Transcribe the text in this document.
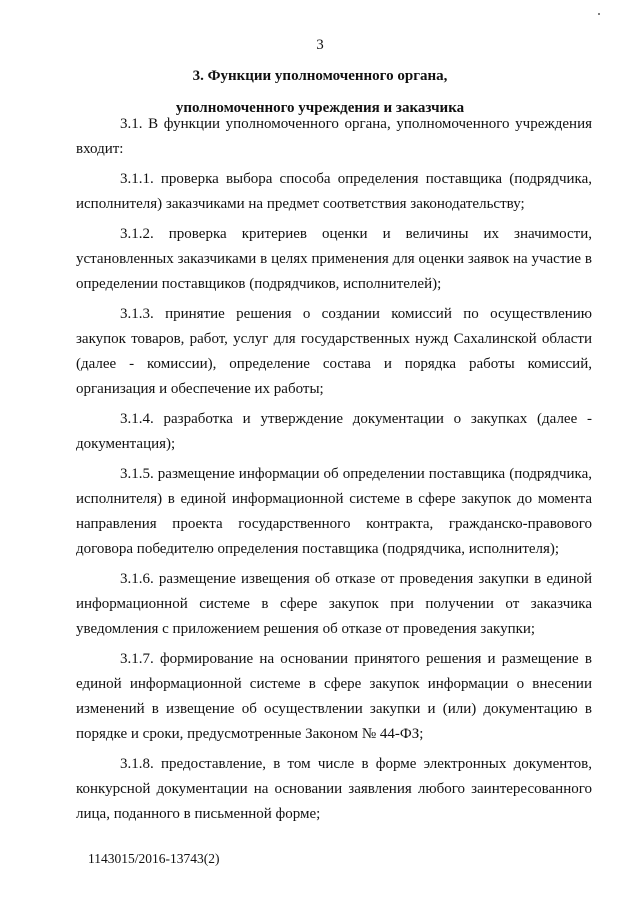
3
3. Функции уполномоченного органа,
уполномоченного учреждения и заказчика

3.1. В функции уполномоченного органа, уполномоченного учреждения входит:

3.1.1. проверка выбора способа определения поставщика (подрядчика, исполнителя) заказчиками на предмет соответствия законодательству;

3.1.2. проверка критериев оценки и величины их значимости, установленных заказчиками в целях применения для оценки заявок на участие в определении поставщиков (подрядчиков, исполнителей);

3.1.3. принятие решения о создании комиссий по осуществлению закупок товаров, работ, услуг для государственных нужд Сахалинской области (далее - комиссии), определение состава и порядка работы комиссий, организация и обеспечение их работы;

3.1.4. разработка и утверждение документации о закупках (далее - документация);

3.1.5. размещение информации об определении поставщика (подрядчика, исполнителя) в единой информационной системе в сфере закупок до момента направления проекта государственного контракта, гражданско-правового договора победителю определения поставщика (подрядчика, исполнителя);

3.1.6. размещение извещения об отказе от проведения закупки в единой информационной системе в сфере закупок при получении от заказчика уведомления с приложением решения об отказе от проведения закупки;

3.1.7. формирование на основании принятого решения и размещение в единой информационной системе в сфере закупок информации о внесении изменений в извещение об осуществлении закупки и (или) документацию в порядке и сроки, предусмотренные Законом № 44-ФЗ;

3.1.8. предоставление, в том числе в форме электронных документов, конкурсной документации на основании заявления любого заинтересованного лица, поданного в письменной форме;

1143015/2016-13743(2)
